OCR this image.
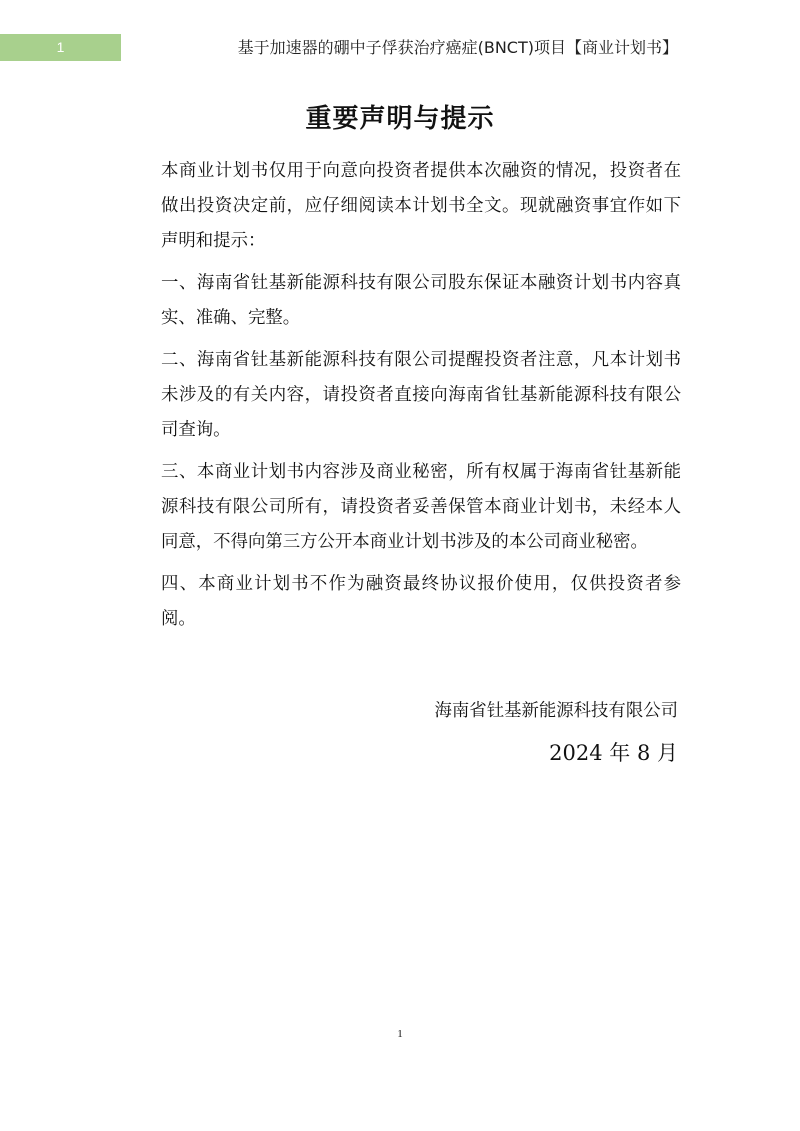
1	基于加速器的硼中子俘获治疗癌症(BNCT)项目【商业计划书】
重要声明与提示

本商业计划书仅用于向意向投资者提供本次融资的情况，投资者在做出投资决定前，应仔细阅读本计划书全文。现就融资事宜作如下声明和提示：

一、海南省钍基新能源科技有限公司股东保证本融资计划书内容真实、准确、完整。

二、海南省钍基新能源科技有限公司提醒投资者注意，凡本计划书未涉及的有关内容，请投资者直接向海南省钍基新能源科技有限公司查询。

三、本商业计划书内容涉及商业秘密，所有权属于海南省钍基新能源科技有限公司所有，请投资者妥善保管本商业计划书，未经本人同意，不得向第三方公开本商业计划书涉及的本公司商业秘密。

四、本商业计划书不作为融资最终协议报价使用，仅供投资者参阅。

海南省钍基新能源科技有限公司
2024 年 8 月
1
